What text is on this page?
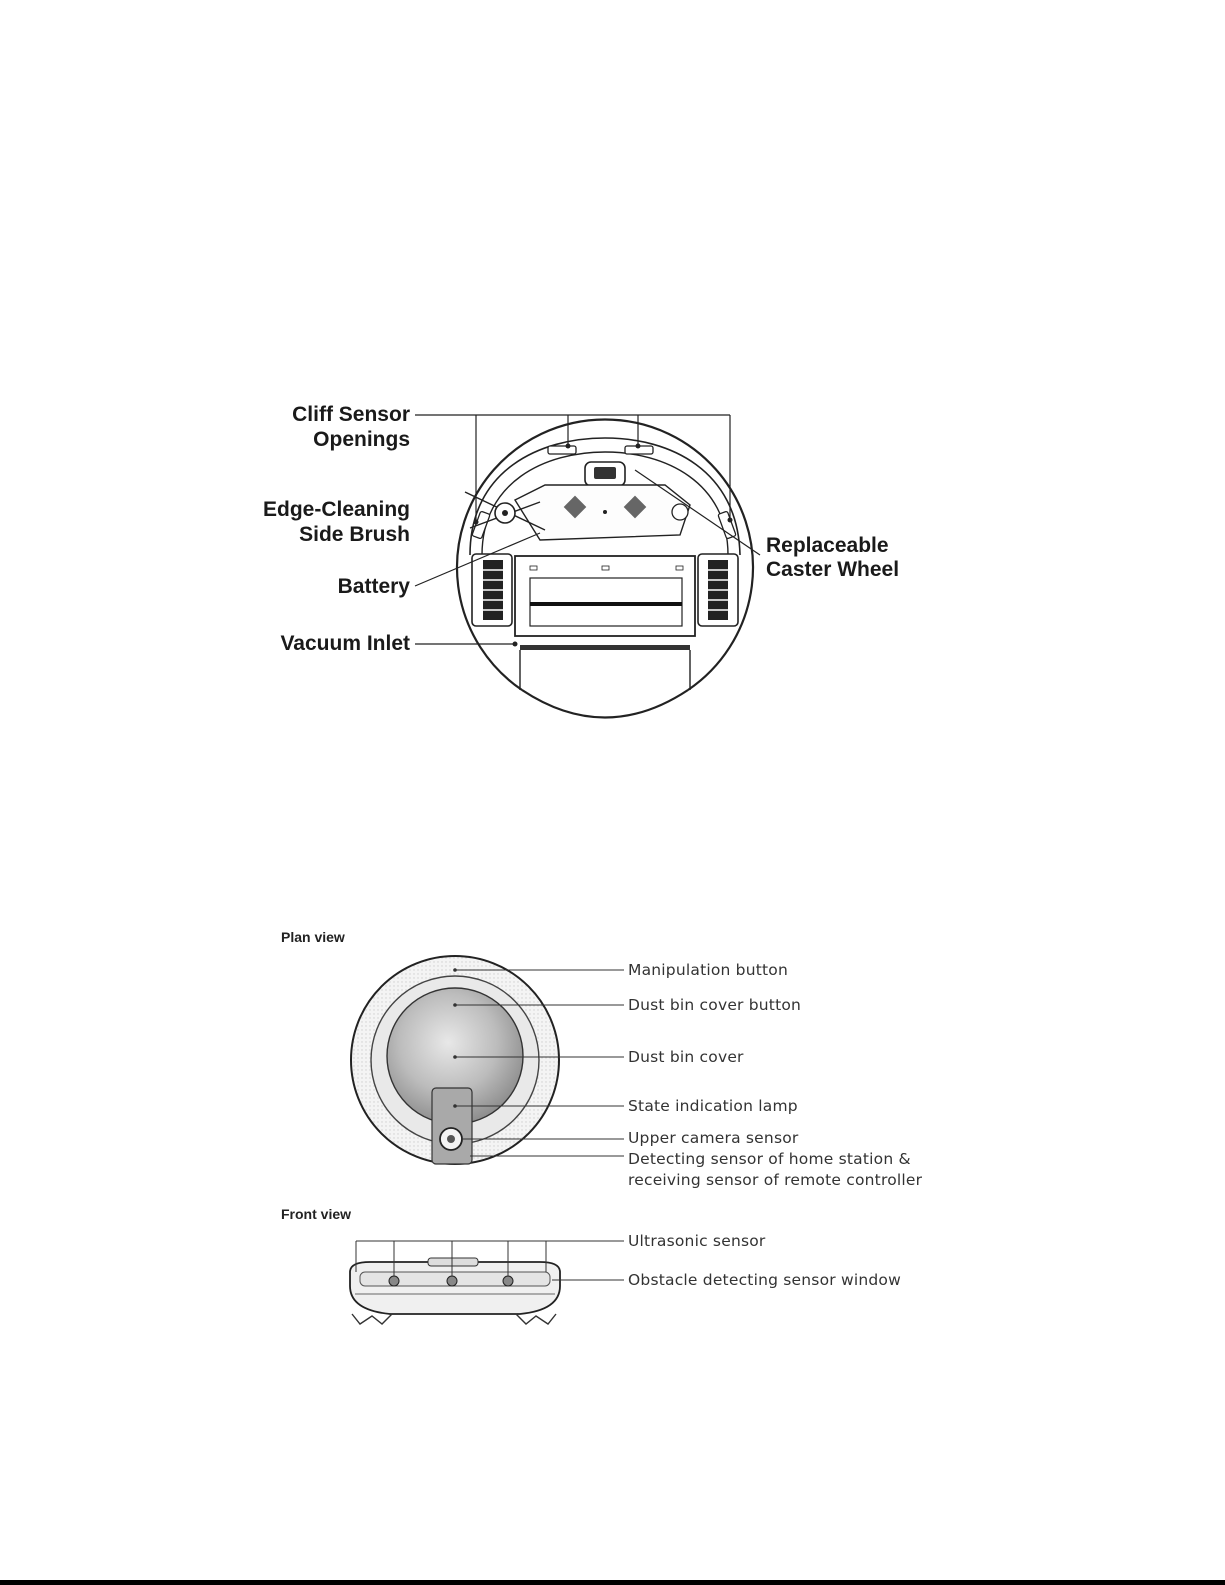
Cliff Sensor
Openings
Edge-Cleaning
Side Brush
Battery
Vacuum Inlet
Replaceable
Caster Wheel
Plan view
Manipulation button
Dust bin cover button
Dust bin cover
State indication lamp
Upper camera sensor
Detecting sensor of home station &
receiving sensor of remote controller
Front view
Ultrasonic sensor
Obstacle detecting sensor window
